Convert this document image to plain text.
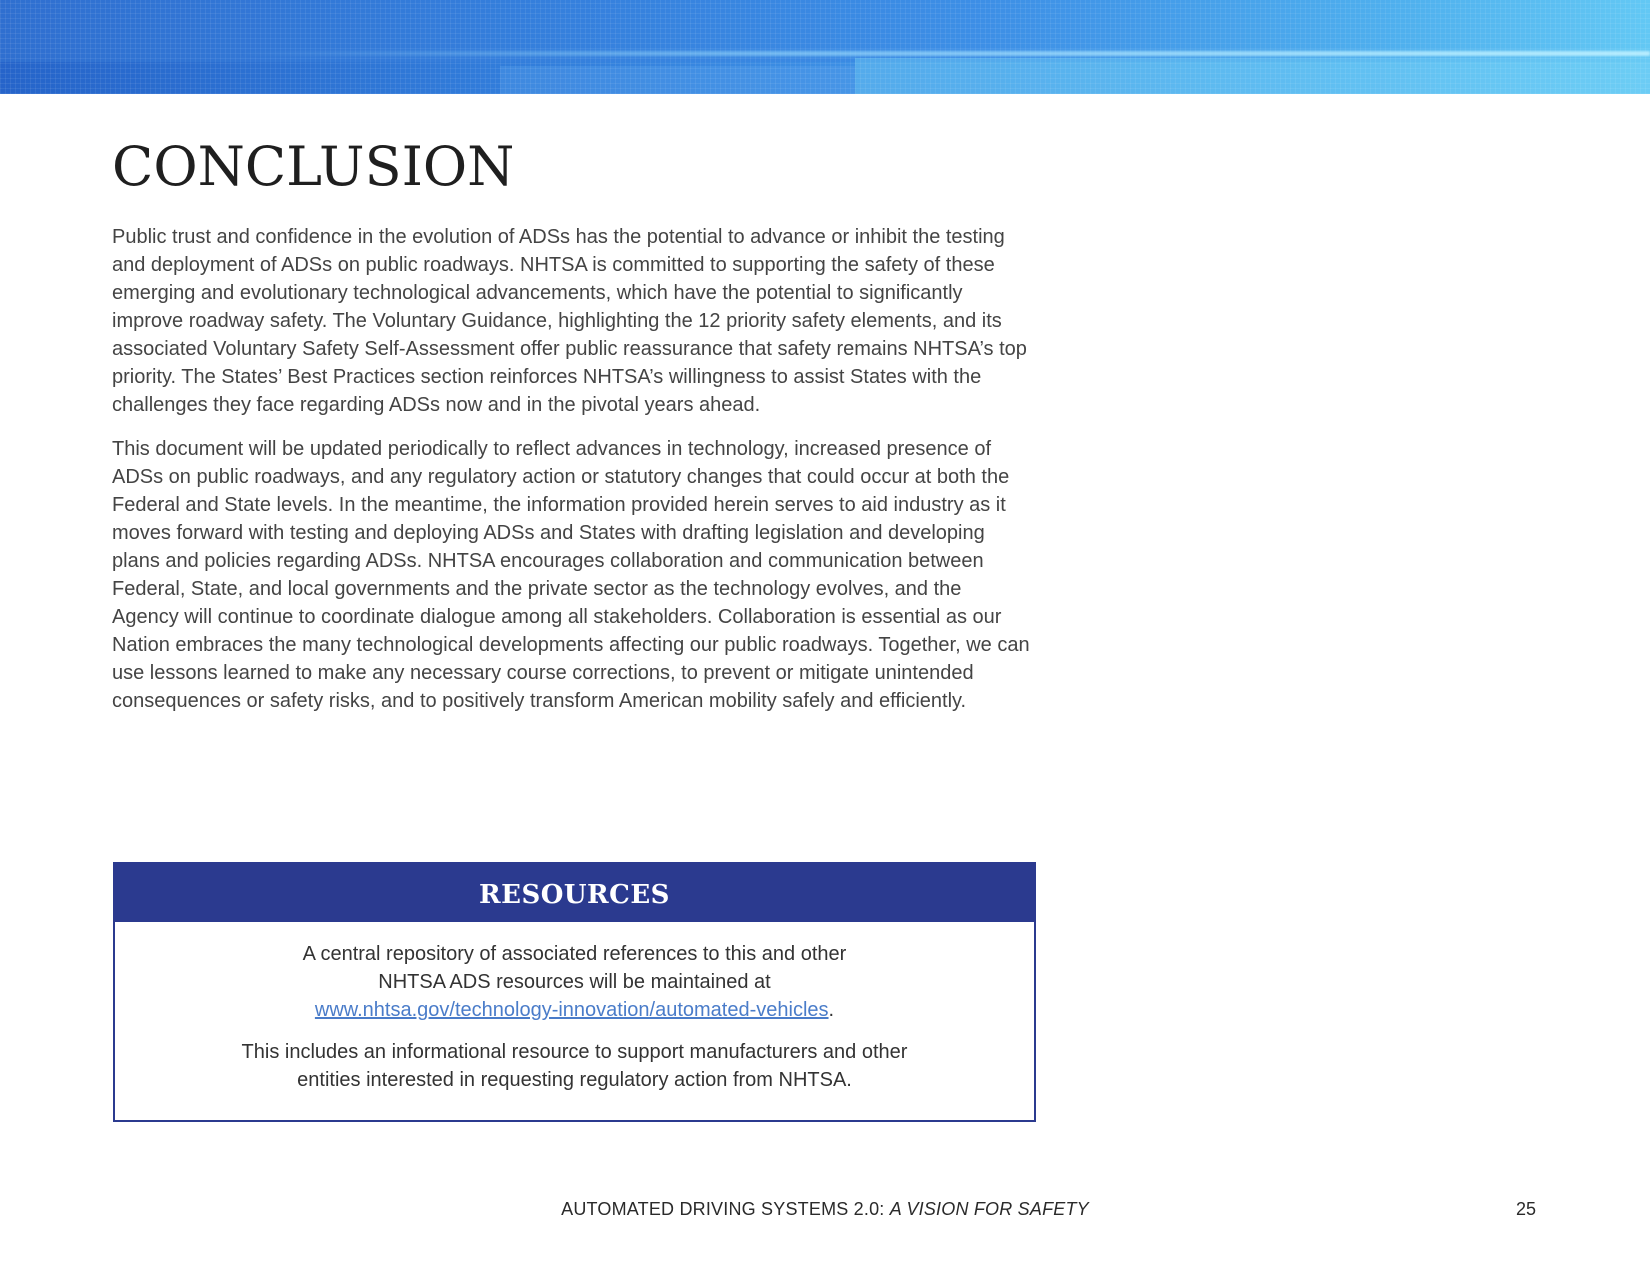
CONCLUSION

Public trust and confidence in the evolution of ADSs has the potential to advance or inhibit the testing and deployment of ADSs on public roadways. NHTSA is committed to supporting the safety of these emerging and evolutionary technological advancements, which have the potential to significantly improve roadway safety. The Voluntary Guidance, highlighting the 12 priority safety elements, and its associated Voluntary Safety Self-Assessment offer public reassurance that safety remains NHTSA’s top priority. The States’ Best Practices section reinforces NHTSA’s willingness to assist States with the challenges they face regarding ADSs now and in the pivotal years ahead.

This document will be updated periodically to reflect advances in technology, increased presence of ADSs on public roadways, and any regulatory action or statutory changes that could occur at both the Federal and State levels. In the meantime, the information provided herein serves to aid industry as it moves forward with testing and deploying ADSs and States with drafting legislation and developing plans and policies regarding ADSs. NHTSA encourages collaboration and communication between Federal, State, and local governments and the private sector as the technology evolves, and the Agency will continue to coordinate dialogue among all stakeholders. Collaboration is essential as our Nation embraces the many technological developments affecting our public roadways. Together, we can use lessons learned to make any necessary course corrections, to prevent or mitigate unintended consequences or safety risks, and to positively transform American mobility safely and efficiently.

RESOURCES

A central repository of associated references to this and other
NHTSA ADS resources will be maintained at
www.nhtsa.gov/technology-innovation/automated-vehicles.

This includes an informational resource to support manufacturers and other
entities interested in requesting regulatory action from NHTSA.

AUTOMATED DRIVING SYSTEMS 2.0: A VISION FOR SAFETY	25
